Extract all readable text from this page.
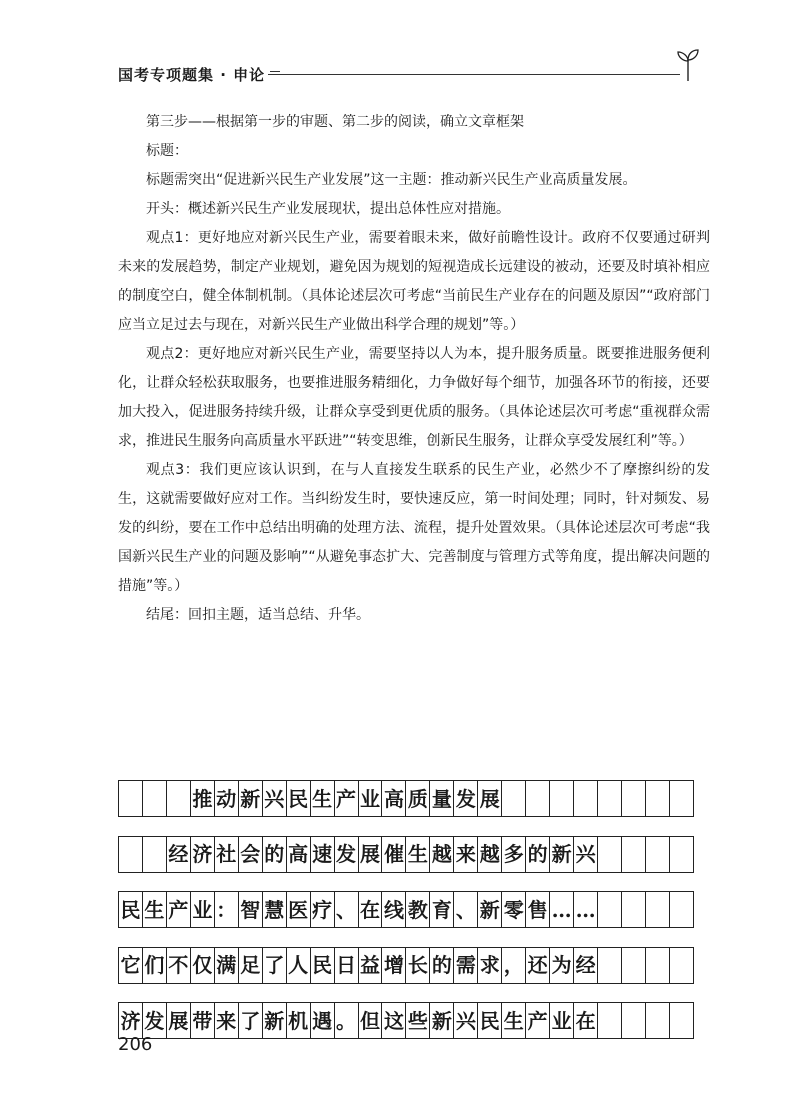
国考专项题集 · 申论

第三步——根据第一步的审题、第二步的阅读，确立文章框架

标题：

标题需突出“促进新兴民生产业发展”这一主题：推动新兴民生产业高质量发展。

开头：概述新兴民生产业发展现状，提出总体性应对措施。

观点1：更好地应对新兴民生产业，需要着眼未来，做好前瞻性设计。政府不仅要通过研判未来的发展趋势，制定产业规划，避免因为规划的短视造成长远建设的被动，还要及时填补相应的制度空白，健全体制机制。（具体论述层次可考虑“当前民生产业存在的问题及原因”“政府部门应当立足过去与现在，对新兴民生产业做出科学合理的规划”等。）

观点2：更好地应对新兴民生产业，需要坚持以人为本，提升服务质量。既要推进服务便利化，让群众轻松获取服务，也要推进服务精细化，力争做好每个细节，加强各环节的衔接，还要加大投入，促进服务持续升级，让群众享受到更优质的服务。（具体论述层次可考虑“重视群众需求，推进民生服务向高质量水平跃进”“转变思维，创新民生服务，让群众享受发展红利”等。）

观点3：我们更应该认识到，在与人直接发生联系的民生产业，必然少不了摩擦纠纷的发生，这就需要做好应对工作。当纠纷发生时，要快速反应，第一时间处理；同时，针对频发、易发的纠纷，要在工作中总结出明确的处理方法、流程，提升处置效果。（具体论述层次可考虑“我国新兴民生产业的问题及影响”“从避免事态扩大、完善制度与管理方式等角度，提出解决问题的措施”等。）

结尾：回扣主题，适当总结、升华。

推 动 新 兴 民 生 产 业 高 质 量 发 展
经 济 社 会 的 高 速 发 展 催 生 越 来 越 多 的 新 兴
民 生 产 业 ： 智 慧 医 疗 、 在 线 教 育 、 新 零 售 … …
它 们 不 仅 满 足 了 人 民 日 益 增 长 的 需 求 ， 还 为 经
济 发 展 带 来 了 新 机 遇 。 但 这 些 新 兴 民 生 产 业 在
206
